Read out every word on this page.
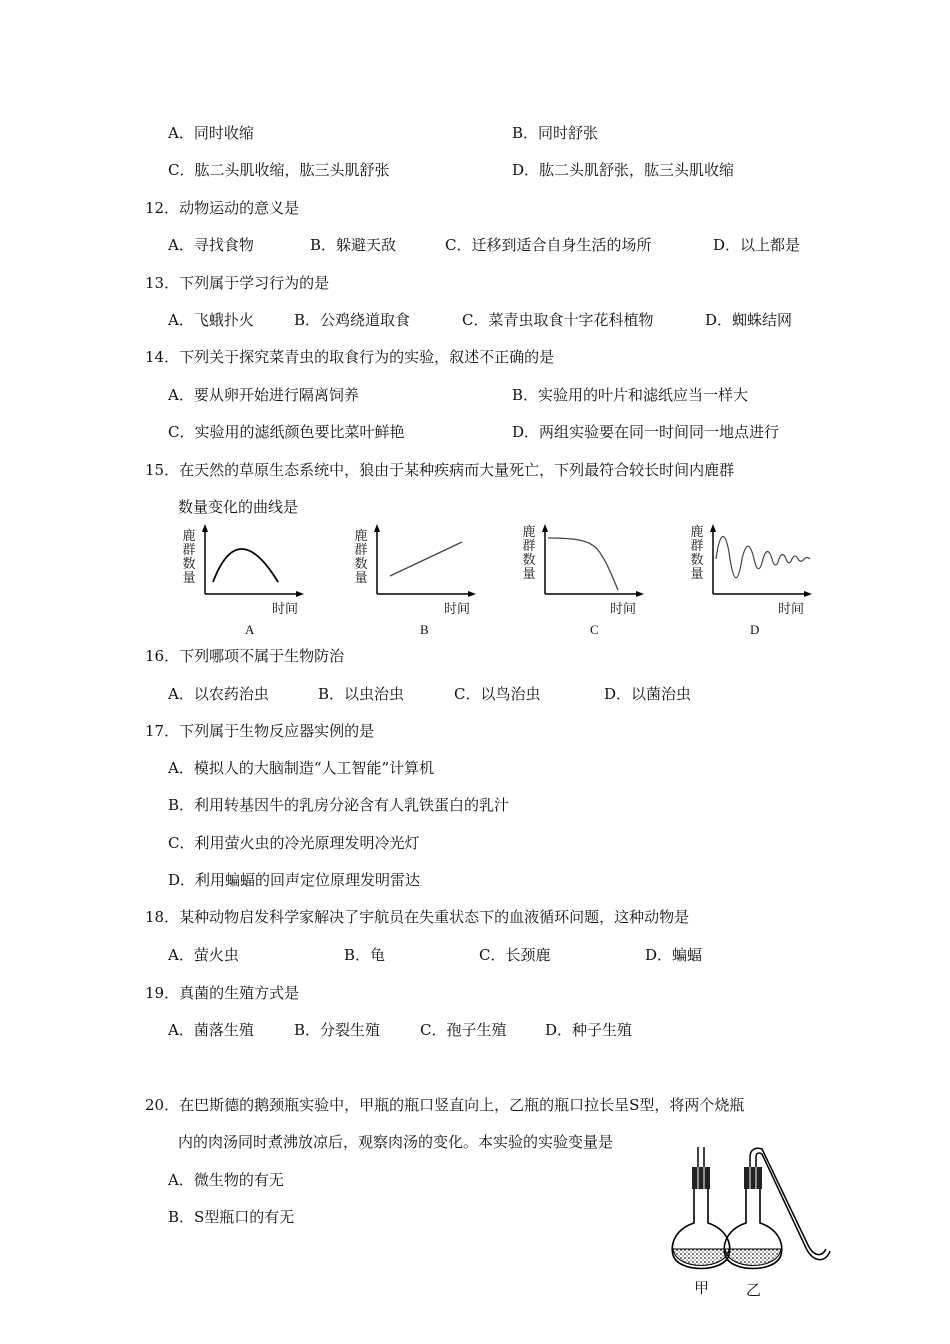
A．同时收缩	B．同时舒张
C．肱二头肌收缩，肱三头肌舒张	D．肱二头肌舒张，肱三头肌收缩
12．动物运动的意义是
A．寻找食物	B．躲避天敌	C．迁移到适合自身生活的场所	D．以上都是
13．下列属于学习行为的是
A．飞蛾扑火	B．公鸡绕道取食	C．菜青虫取食十字花科植物	D．蜘蛛结网
14．下列关于探究菜青虫的取食行为的实验，叙述不正确的是
A．要从卵开始进行隔离饲养	B．实验用的叶片和滤纸应当一样大
C．实验用的滤纸颜色要比菜叶鲜艳	D．两组实验要在同一时间同一地点进行
15．在天然的草原生态系统中，狼由于某种疾病而大量死亡，下列最符合较长时间内鹿群
数量变化的曲线是
鹿
群
数
量
时间
A
鹿
群
数
量
时间
B
鹿
群
数
量
时间
C
鹿
群
数
量
时间
D
16．下列哪项不属于生物防治
A．以农药治虫	B．以虫治虫	C．以鸟治虫	D．以菌治虫
17．下列属于生物反应器实例的是
A．模拟人的大脑制造“人工智能”计算机
B．利用转基因牛的乳房分泌含有人乳铁蛋白的乳汁
C．利用萤火虫的冷光原理发明冷光灯
D．利用蝙蝠的回声定位原理发明雷达
18．某种动物启发科学家解决了宇航员在失重状态下的血液循环问题，这种动物是
A．萤火虫	B．龟	C．长颈鹿	D．蝙蝠
19．真菌的生殖方式是
A．菌落生殖	B．分裂生殖	C．孢子生殖	D．种子生殖
20．在巴斯德的鹅颈瓶实验中，甲瓶的瓶口竖直向上，乙瓶的瓶口拉长呈S型，将两个烧瓶
内的肉汤同时煮沸放凉后，观察肉汤的变化。本实验的实验变量是
A．微生物的有无
B．S型瓶口的有无
甲 乙
